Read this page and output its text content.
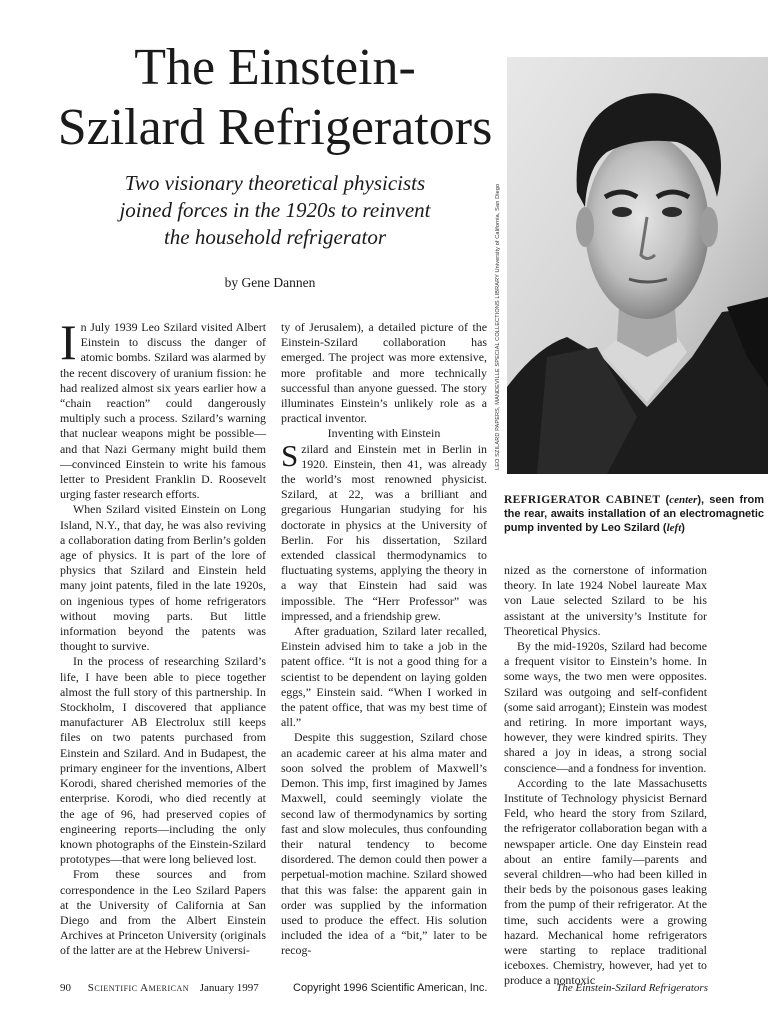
The Einstein-
Szilard Refrigerators
Two visionary theoretical physicists
joined forces in the 1920s to reinvent
the household refrigerator
by Gene Dannen	LEO SZILARD PAPERS, MANDEVILLE SPECIAL COLLECTIONS LIBRARY University of California, San Diego
REFRIGERATOR CABINET (center), seen from the rear, awaits installation of an electromagnetic pump invented by Leo Szilard (left)

In July 1939 Leo Szilard visited Albert Einstein to discuss the danger of atomic bombs. Szilard was alarmed by the recent discovery of uranium fission: he had realized almost six years earlier how a “chain reaction” could dangerously multiply such a process. Szilard’s warning that nuclear weapons might be possible—and that Nazi Germany might build them—convinced Einstein to write his famous letter to President Franklin D. Roosevelt urging faster research efforts.

When Szilard visited Einstein on Long Island, N.Y., that day, he was also reviving a collaboration dating from Berlin’s golden age of physics. It is part of the lore of physics that Szilard and Einstein held many joint patents, filed in the late 1920s, on ingenious types of home refrigerators without moving parts. But little information beyond the patents was thought to survive.

In the process of researching Szilard’s life, I have been able to piece together almost the full story of this partnership. In Stockholm, I discovered that appliance manufacturer AB Electrolux still keeps files on two patents purchased from Einstein and Szilard. And in Budapest, the primary engineer for the inventions, Albert Korodi, shared cherished memories of the enterprise. Korodi, who died recently at the age of 96, had preserved copies of engineering reports—including the only known photographs of the Einstein-Szilard prototypes—that were long believed lost.

From these sources and from correspondence in the Leo Szilard Papers at the University of California at San Diego and from the Albert Einstein Archives at Princeton University (originals of the latter are at the Hebrew Universi-

ty of Jerusalem), a detailed picture of the Einstein-Szilard collaboration has emerged. The project was more extensive, more profitable and more technically successful than anyone guessed. The story illuminates Einstein’s unlikely role as a practical inventor.

Inventing with Einstein

Szilard and Einstein met in Berlin in 1920. Einstein, then 41, was already the world’s most renowned physicist. Szilard, at 22, was a brilliant and gregarious Hungarian studying for his doctorate in physics at the University of Berlin. For his dissertation, Szilard extended classical thermodynamics to fluctuating systems, applying the theory in a way that Einstein had said was impossible. The “Herr Professor” was impressed, and a friendship grew.

After graduation, Szilard later recalled, Einstein advised him to take a job in the patent office. “It is not a good thing for a scientist to be dependent on laying golden eggs,” Einstein said. “When I worked in the patent office, that was my best time of all.”

Despite this suggestion, Szilard chose an academic career at his alma mater and soon solved the problem of Maxwell’s Demon. This imp, first imagined by James Maxwell, could seemingly violate the second law of thermodynamics by sorting fast and slow molecules, thus confounding their natural tendency to become disordered. The demon could then power a perpetual-motion machine. Szilard showed that this was false: the apparent gain in order was supplied by the information used to produce the effect. His solution included the idea of a “bit,” later to be recog-

nized as the cornerstone of information theory. In late 1924 Nobel laureate Max von Laue selected Szilard to be his assistant at the university’s Institute for Theoretical Physics.

By the mid-1920s, Szilard had become a frequent visitor to Einstein’s home. In some ways, the two men were opposites. Szilard was outgoing and self-confident (some said arrogant); Einstein was modest and retiring. In more important ways, however, they were kindred spirits. They shared a joy in ideas, a strong social conscience—and a fondness for invention.

According to the late Massachusetts Institute of Technology physicist Bernard Feld, who heard the story from Szilard, the refrigerator collaboration began with a newspaper article. One day Einstein read about an entire family—parents and several children—who had been killed in their beds by the poisonous gases leaking from the pump of their refrigerator. At the time, such accidents were a growing hazard. Mechanical home refrigerators were starting to replace traditional iceboxes. Chemistry, however, had yet to produce a nontoxic

90 Scientific American January 1997	Copyright 1996 Scientific American, Inc.	The Einstein-Szilard Refrigerators
